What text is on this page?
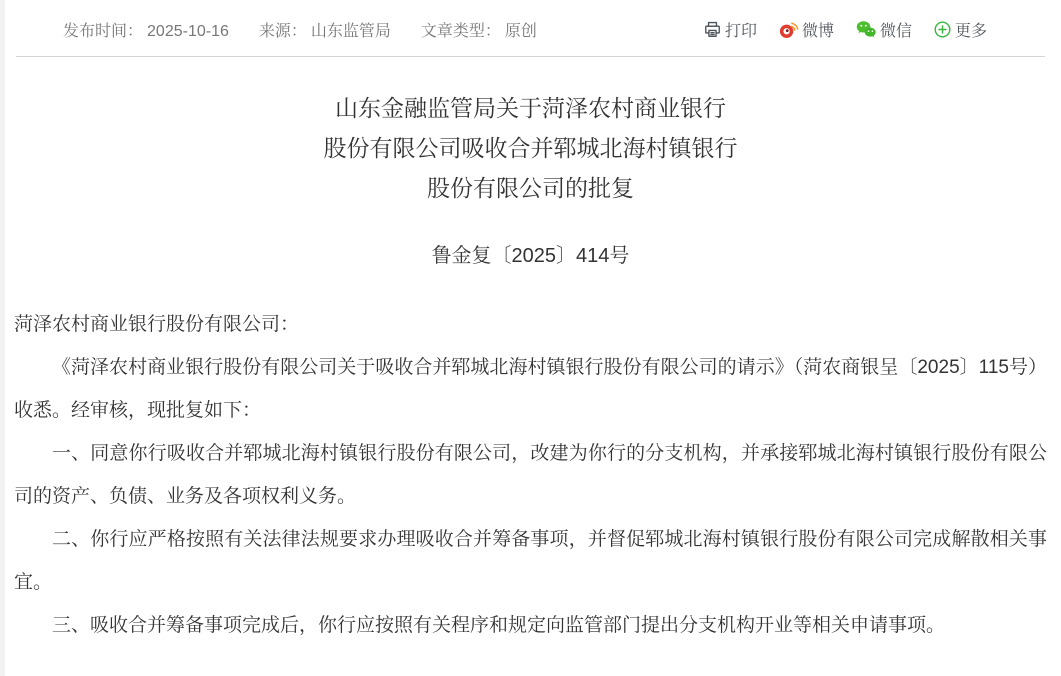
发布时间： 2025-10-16 来源： 山东监管局 文章类型： 原创	打印	微博	微信	更多
山东金融监管局关于菏泽农村商业银行
股份有限公司吸收合并郓城北海村镇银行
股份有限公司的批复
鲁金复〔2025〕414号

菏泽农村商业银行股份有限公司：

《菏泽农村商业银行股份有限公司关于吸收合并郓城北海村镇银行股份有限公司的请示》（菏农商银呈〔2025〕115号）收悉。经审核，现批复如下：

一、同意你行吸收合并郓城北海村镇银行股份有限公司，改建为你行的分支机构，并承接郓城北海村镇银行股份有限公司的资产、负债、业务及各项权利义务。

二、你行应严格按照有关法律法规要求办理吸收合并筹备事项，并督促郓城北海村镇银行股份有限公司完成解散相关事宜。

三、吸收合并筹备事项完成后，你行应按照有关程序和规定向监管部门提出分支机构开业等相关申请事项。
